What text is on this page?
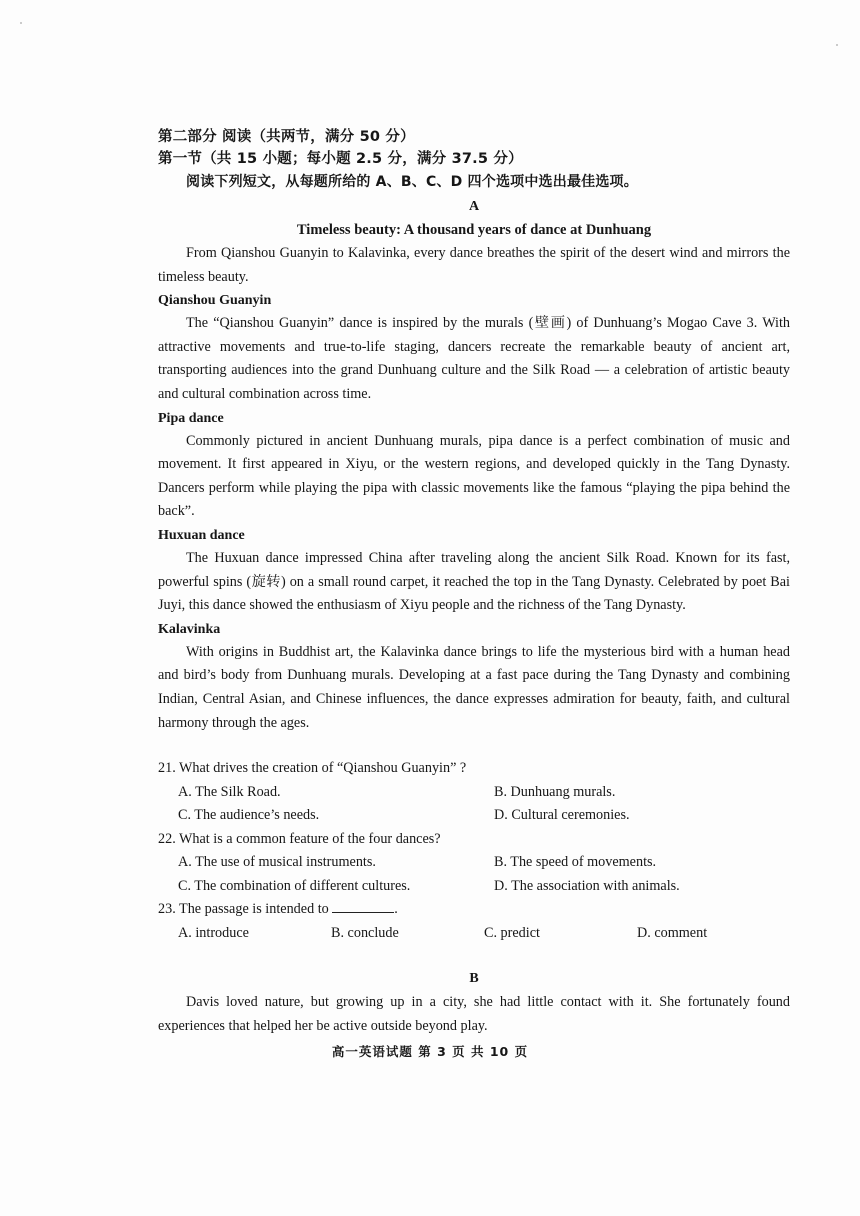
第二部分 阅读（共两节，满分 50 分）
第一节（共 15 小题；每小题 2.5 分，满分 37.5 分）
阅读下列短文，从每题所给的 A、B、C、D 四个选项中选出最佳选项。
A
Timeless beauty: A thousand years of dance at Dunhuang

From Qianshou Guanyin to Kalavinka, every dance breathes the spirit of the desert wind and mirrors the timeless beauty.

Qianshou Guanyin

The “Qianshou Guanyin” dance is inspired by the murals (壁画) of Dunhuang’s Mogao Cave 3. With attractive movements and true-to-life staging, dancers recreate the remarkable beauty of ancient art, transporting audiences into the grand Dunhuang culture and the Silk Road — a celebration of artistic beauty and cultural combination across time.

Pipa dance

Commonly pictured in ancient Dunhuang murals, pipa dance is a perfect combination of music and movement. It first appeared in Xiyu, or the western regions, and developed quickly in the Tang Dynasty. Dancers perform while playing the pipa with classic movements like the famous “playing the pipa behind the back”.

Huxuan dance

The Huxuan dance impressed China after traveling along the ancient Silk Road. Known for its fast, powerful spins (旋转) on a small round carpet, it reached the top in the Tang Dynasty. Celebrated by poet Bai Juyi, this dance showed the enthusiasm of Xiyu people and the richness of the Tang Dynasty.

Kalavinka

With origins in Buddhist art, the Kalavinka dance brings to life the mysterious bird with a human head and bird’s body from Dunhuang murals. Developing at a fast pace during the Tang Dynasty and combining Indian, Central Asian, and Chinese influences, the dance expresses admiration for beauty, faith, and cultural harmony through the ages.

21. What drives the creation of “Qianshou Guanyin” ?
A. The Silk Road.	B. Dunhuang murals.
C. The audience’s needs.	D. Cultural ceremonies.
22. What is a common feature of the four dances?
A. The use of musical instruments.	B. The speed of movements.
C. The combination of different cultures.	D. The association with animals.
23. The passage is intended to	.
A. introduce	B. conclude	C. predict	D. comment
B

Davis loved nature, but growing up in a city, she had little contact with it. She fortunately found experiences that helped her be active outside beyond play.

高一英语试题 第 3 页 共 10 页
